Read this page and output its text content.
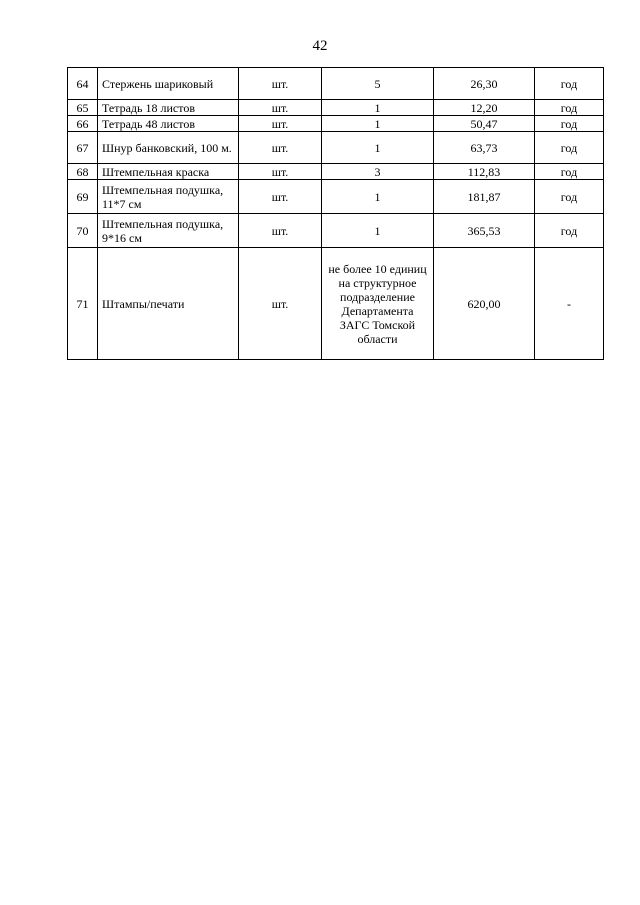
42
64	Стержень шариковый	шт.	5	26,30	год
65	Тетрадь 18 листов	шт.	1	12,20	год
66	Тетрадь 48 листов	шт.	1	50,47	год
67	Шнур банковский, 100 м.	шт.	1	63,73	год
68	Штемпельная краска	шт.	3	112,83	год
69	Штемпельная подушка, 11*7 см	шт.	1	181,87	год
70	Штемпельная подушка, 9*16 см	шт.	1	365,53	год
71	Штампы/печати	шт.	не более 10 единиц на структурное подразделение Департамента ЗАГС Томской области	620,00	-
